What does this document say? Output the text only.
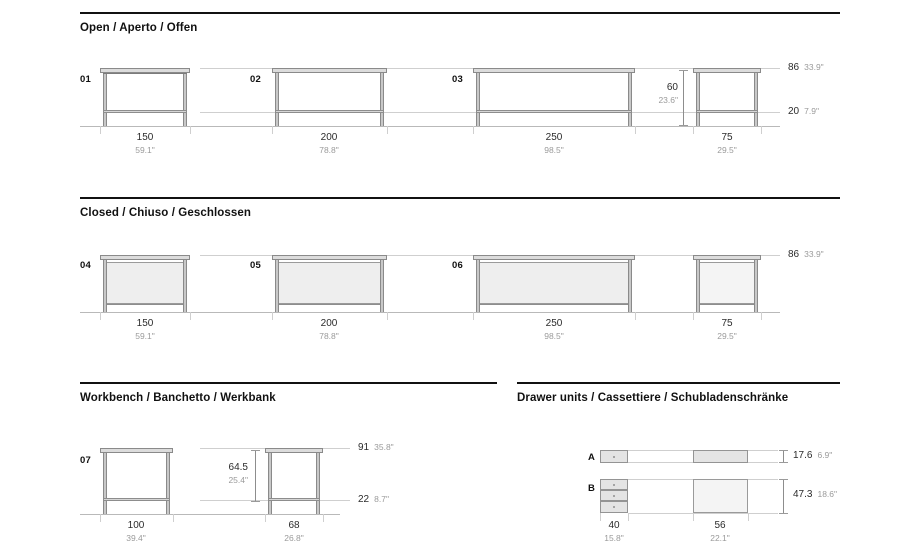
Open / Aperto / Offen
01
150
59.1"
02
200
78.8"
03
250
98.5"
75
29.5"
60
23.6"
86 33.9"
20 7.9"
Closed / Chiuso / Geschlossen
04
150
59.1"
05
200
78.8"
06
250
98.5"
75
29.5"
86 33.9"
Workbench / Banchetto / Werkbank
07
100
39.4"
68
26.8"
64.5
25.4"
91 35.8"
22 8.7"
Drawer units / Cassettiere / Schubladenschränke
A	17.6 6.9"
B
47.3 18.6"
40
15.8"
56
22.1"
